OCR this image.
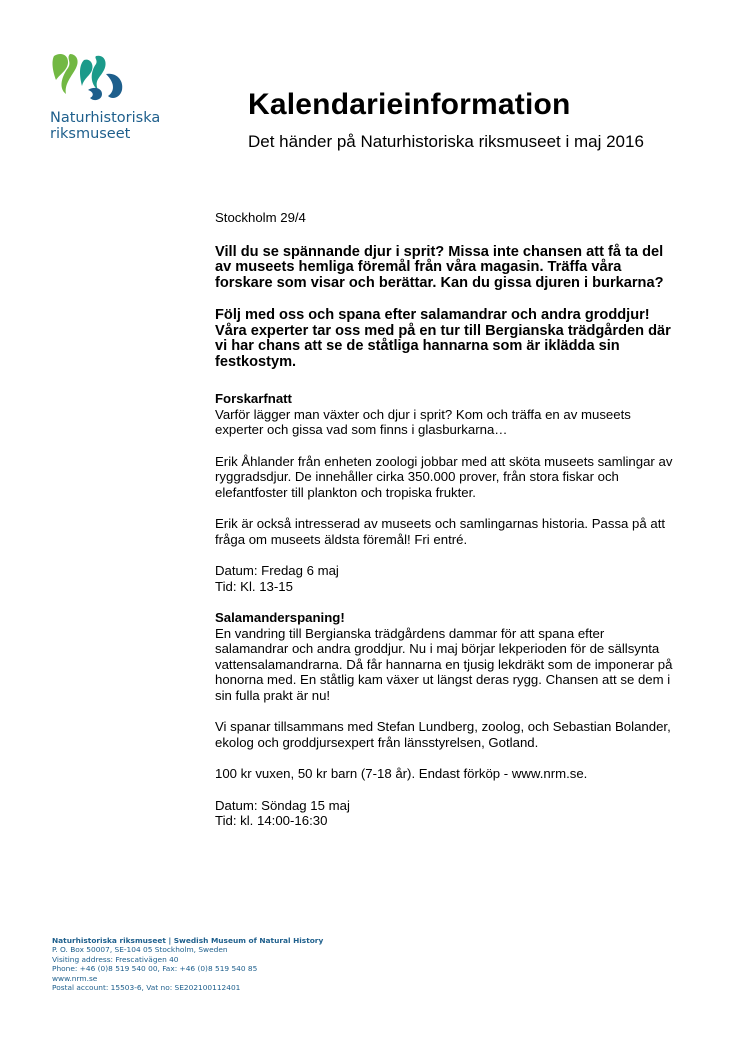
Naturhistoriska
riksmuseet
Kalendarieinformation
Det händer på Naturhistoriska riksmuseet i maj 2016

Stockholm 29/4

Vill du se spännande djur i sprit? Missa inte chansen att få ta del av museets hemliga föremål från våra magasin. Träffa våra forskare som visar och berättar. Kan du gissa djuren i burkarna?

Följ med oss och spana efter salamandrar och andra groddjur! Våra experter tar oss med på en tur till Bergianska trädgården där vi har chans att se de ståtliga hannarna som är iklädda sin festkostym.

Forskarfnatt

Varför lägger man växter och djur i sprit? Kom och träffa en av museets experter och gissa vad som finns i glasburkarna…

Erik Åhlander från enheten zoologi jobbar med att sköta museets samlingar av ryggradsdjur. De innehåller cirka 350.000 prover, från stora fiskar och elefantfoster till plankton och tropiska frukter.

Erik är också intresserad av museets och samlingarnas historia. Passa på att fråga om museets äldsta föremål! Fri entré.

Datum: Fredag 6 maj

Tid: Kl. 13-15

Salamanderspaning!

En vandring till Bergianska trädgårdens dammar för att spana efter salamandrar och andra groddjur. Nu i maj börjar lekperioden för de sällsynta vattensalamandrarna. Då får hannarna en tjusig lekdräkt som de imponerar på honorna med. En ståtlig kam växer ut längst deras rygg. Chansen att se dem i sin fulla prakt är nu!

Vi spanar tillsammans med Stefan Lundberg, zoolog, och Sebastian Bolander, ekolog och groddjursexpert från länsstyrelsen, Gotland.

100 kr vuxen, 50 kr barn (7-18 år). Endast förköp - www.nrm.se.

Datum: Söndag 15 maj

Tid: kl. 14:00-16:30

Naturhistoriska riksmuseet | Swedish Museum of Natural History
P. O. Box 50007, SE-104 05 Stockholm, Sweden
Visiting address: Frescativägen 40
Phone: +46 (0)8 519 540 00, Fax: +46 (0)8 519 540 85
www.nrm.se
Postal account: 15503-6, Vat no: SE202100112401
